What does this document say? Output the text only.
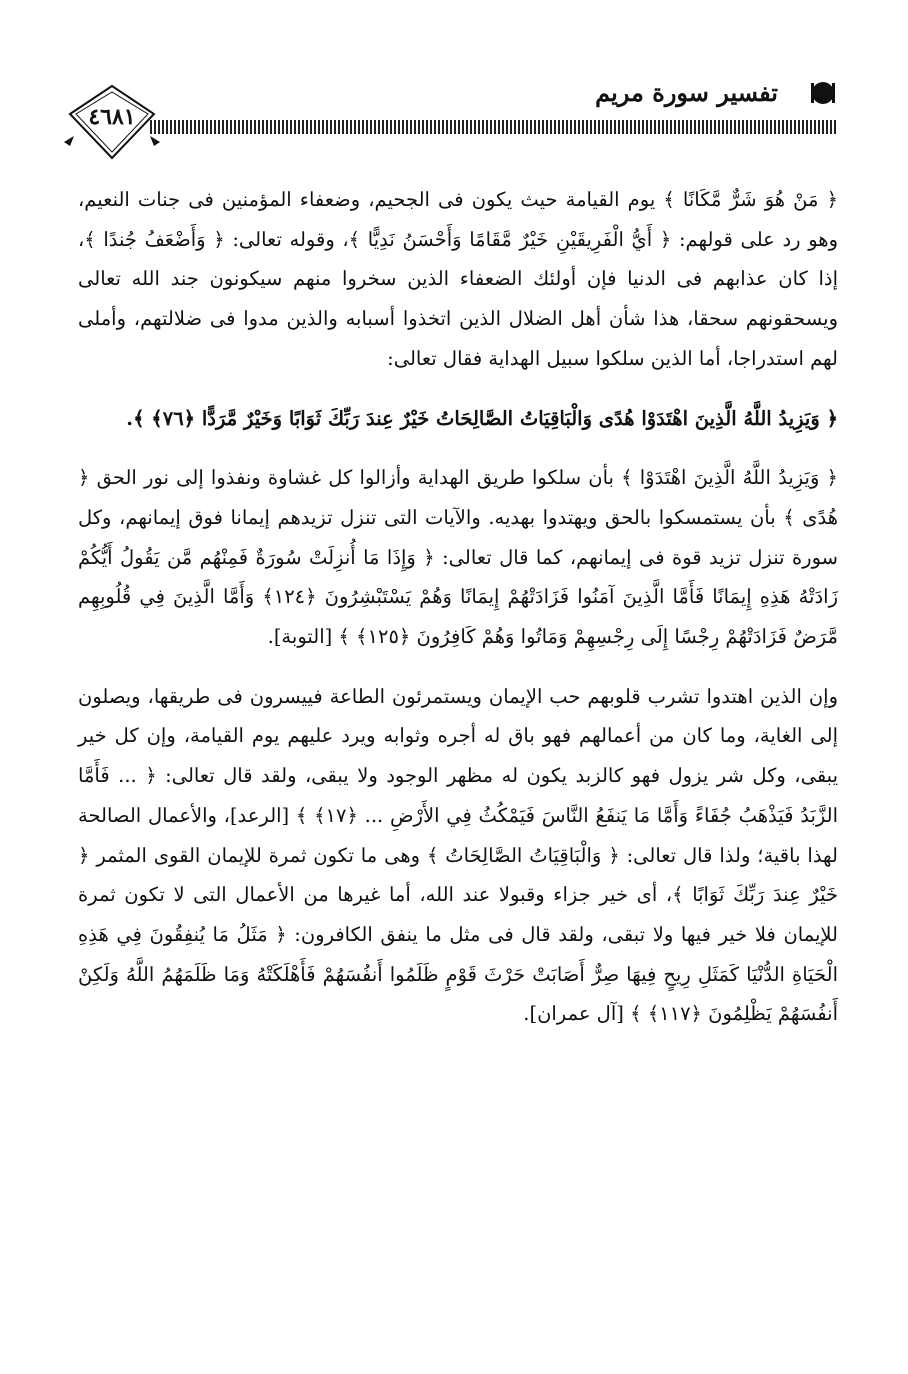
تفسير سورة مريم
٤٦٨١

﴿ مَنْ هُوَ شَرٌّ مَّكَانًا ﴾ يوم القيامة حيث يكون فى الجحيم، وضعفاء المؤمنين فى جنات النعيم، وهو رد على قولهم: ﴿ أَيُّ الْفَرِيقَيْنِ خَيْرٌ مَّقَامًا وَأَحْسَنُ نَدِيًّا ﴾، وقوله تعالى: ﴿ وَأَضْعَفُ جُندًا ﴾، إذا كان عذابهم فى الدنيا فإن أولئك الضعفاء الذين سخروا منهم سيكونون جند الله تعالى ويسحقونهم سحقا، هذا شأن أهل الضلال الذين اتخذوا أسبابه والذين مدوا فى ضلالتهم، وأملى لهم استدراجا، أما الذين سلكوا سبيل الهداية فقال تعالى:

﴿ وَيَزِيدُ اللَّهُ الَّذِينَ اهْتَدَوْا هُدًى وَالْبَاقِيَاتُ الصَّالِحَاتُ خَيْرٌ عِندَ رَبِّكَ ثَوَابًا وَخَيْرٌ مَّرَدًّا ﴿٧٦﴾ ﴾.

﴿ وَيَزِيدُ اللَّهُ الَّذِينَ اهْتَدَوْا ﴾ بأن سلكوا طريق الهداية وأزالوا كل غشاوة ونفذوا إلى نور الحق ﴿ هُدًى ﴾ بأن يستمسكوا بالحق ويهتدوا بهديه. والآيات التى تنزل تزيدهم إيمانا فوق إيمانهم، وكل سورة تنزل تزيد قوة فى إيمانهم، كما قال تعالى: ﴿ وَإِذَا مَا أُنزِلَتْ سُورَةٌ فَمِنْهُم مَّن يَقُولُ أَيُّكُمْ زَادَتْهُ هَذِهِ إِيمَانًا فَأَمَّا الَّذِينَ آمَنُوا فَزَادَتْهُمْ إِيمَانًا وَهُمْ يَسْتَبْشِرُونَ ﴿١٢٤﴾ وَأَمَّا الَّذِينَ فِي قُلُوبِهِم مَّرَضٌ فَزَادَتْهُمْ رِجْسًا إِلَى رِجْسِهِمْ وَمَاتُوا وَهُمْ كَافِرُونَ ﴿١٢٥﴾ ﴾ [التوبة].

وإن الذين اهتدوا تشرب قلوبهم حب الإيمان ويستمرئون الطاعة فييسرون فى طريقها، ويصلون إلى الغاية، وما كان من أعمالهم فهو باق له أجره وثوابه ويرد عليهم يوم القيامة، وإن كل خير يبقى، وكل شر يزول فهو كالزبد يكون له مظهر الوجود ولا يبقى، ولقد قال تعالى: ﴿ ... فَأَمَّا الزَّبَدُ فَيَذْهَبُ جُفَاءً وَأَمَّا مَا يَنفَعُ النَّاسَ فَيَمْكُثُ فِي الأَرْضِ ... ﴿١٧﴾ ﴾ [الرعد]، والأعمال الصالحة لهذا باقية؛ ولذا قال تعالى: ﴿ وَالْبَاقِيَاتُ الصَّالِحَاتُ ﴾ وهى ما تكون ثمرة للإيمان القوى المثمر ﴿ خَيْرٌ عِندَ رَبِّكَ ثَوَابًا ﴾، أى خير جزاء وقبولا عند الله، أما غيرها من الأعمال التى لا تكون ثمرة للإيمان فلا خير فيها ولا تبقى، ولقد قال فى مثل ما ينفق الكافرون: ﴿ مَثَلُ مَا يُنفِقُونَ فِي هَذِهِ الْحَيَاةِ الدُّنْيَا كَمَثَلِ رِيحٍ فِيهَا صِرٌّ أَصَابَتْ حَرْثَ قَوْمٍ ظَلَمُوا أَنفُسَهُمْ فَأَهْلَكَتْهُ وَمَا ظَلَمَهُمُ اللَّهُ وَلَكِنْ أَنفُسَهُمْ يَظْلِمُونَ ﴿١١٧﴾ ﴾ [آل عمران].
